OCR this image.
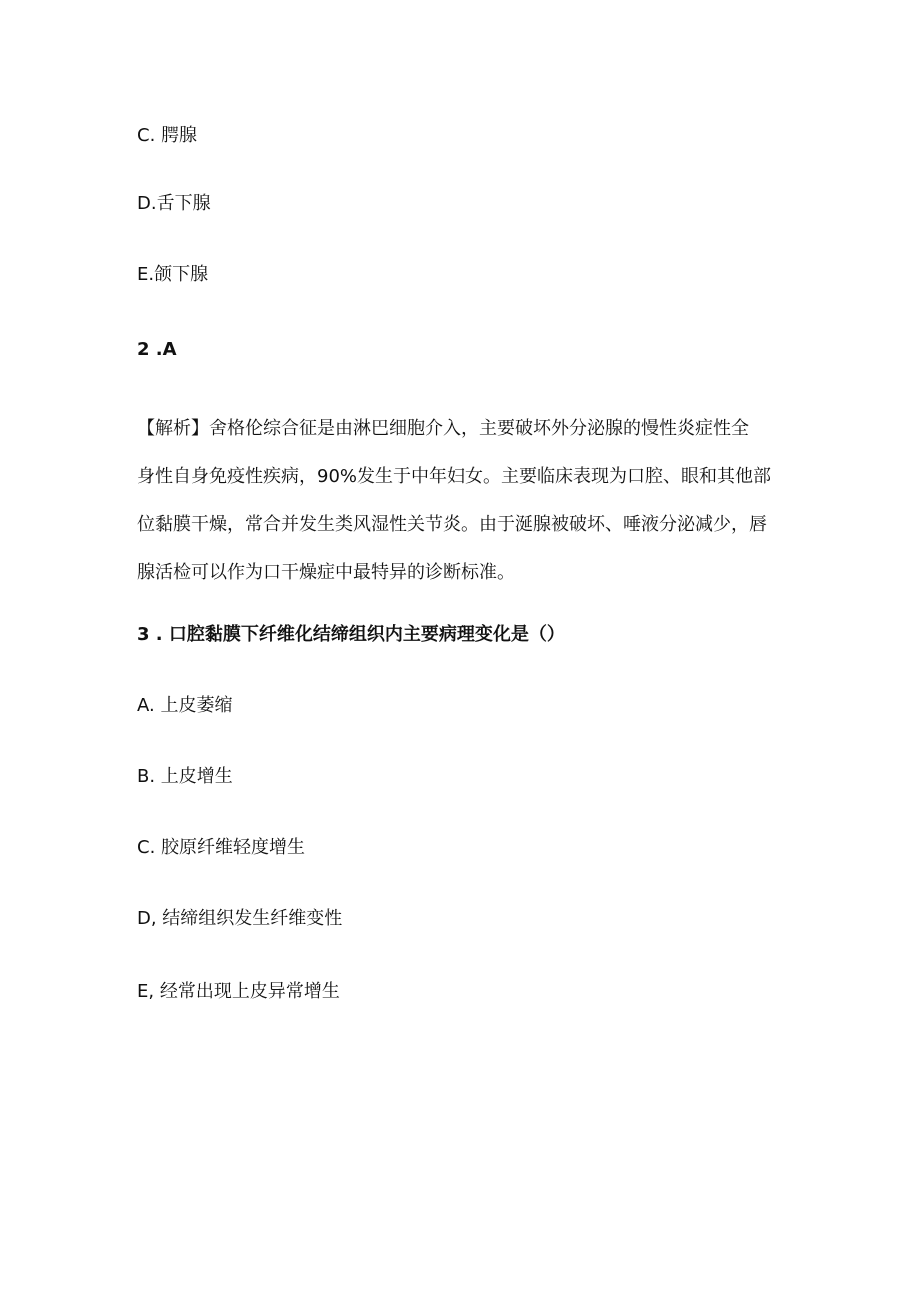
C. 腭腺
D.舌下腺
E.颌下腺
2 .A
【解析】舍格伦综合征是由淋巴细胞介入，主要破坏外分泌腺的慢性炎症性全
身性自身免疫性疾病，90%发生于中年妇女。主要临床表现为口腔、眼和其他部
位黏膜干燥，常合并发生类风湿性关节炎。由于涎腺被破坏、唾液分泌减少，唇
腺活检可以作为口干燥症中最特异的诊断标准。
3 . 口腔黏膜下纤维化结缔组织内主要病理变化是（）
A. 上皮萎缩
B. 上皮增生
C. 胶原纤维轻度增生
D, 结缔组织发生纤维变性
E, 经常出现上皮异常增生
